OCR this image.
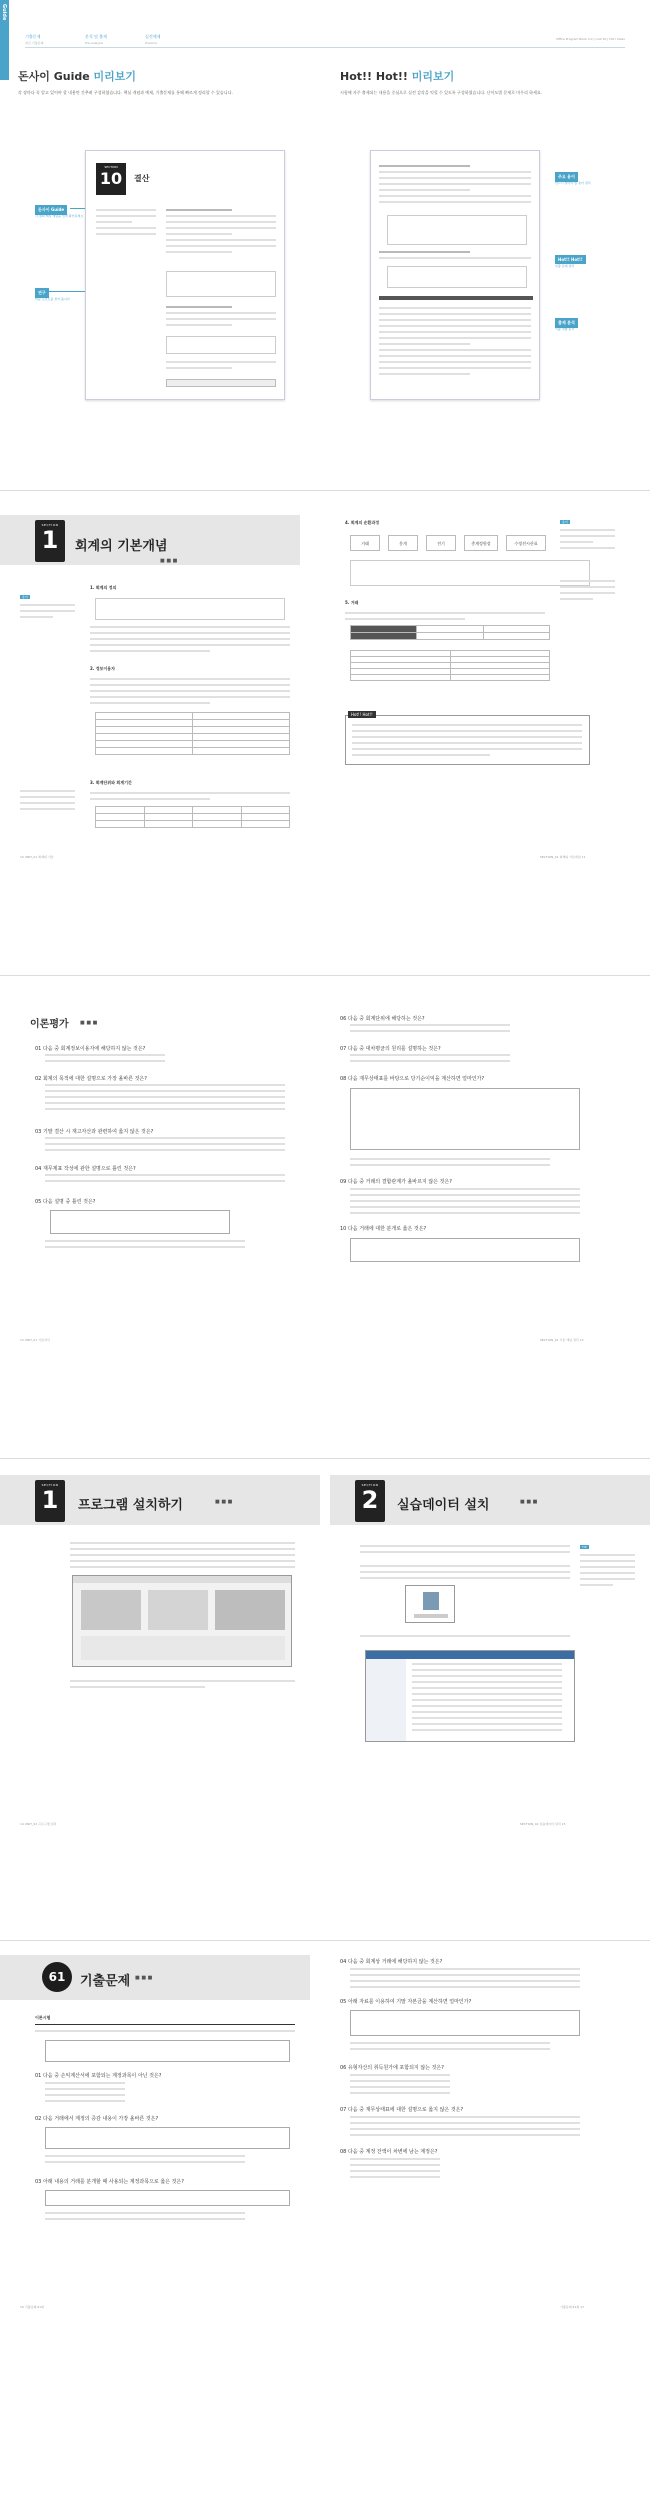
Guide
기출문제
최신 기출문제
분석 및 출제
Pre-analysis
실전예제
Practice
Office Program Book 2.0 | Unit 10 | Hot! Index
돈사이 Guide 미리보기
각 장마다 꼭 알고 있어야 할 내용만 간추려 구성하였습니다. 핵심 개념과 예제, 기출문제를 통해 빠르게 정리할 수 있습니다.
Hot!! Hot!! 미리보기
시험에 자주 출제되는 내용을 중심으로 실전 감각을 익힐 수 있도록 구성하였습니다. 난이도별 문제로 마무리 하세요.
SECTION
10	결산
돈사이 Guide
각 절의 핵심 개념을 먼저 확인하세요
연구
학습 포인트를 짚어 줍니다
주요 용어
반드시 알아야 할 용어 정리
Hot!! Hot!!
빈출 문제 정리
출제 분석
기출 경향 분석
SECTION
1	회계의 기본개념
■ ■ ■
1. 회계의 정의
2. 정보이용자

3. 회계단위와 회계기간

용어
4. 회계의 순환과정
거래	분개	전기	총계정원장	수정전시산표
5. 거래

용어
Hot!! Hot!!
10 UNIT_01 회계의 기본	SECTION_01 회계의 기본개념 11
이론평가 ■ ■ ■
01 다음 중 회계정보이용자에 해당하지 않는 것은?
02 회계의 목적에 대한 설명으로 가장 올바른 것은?
03 기말 결산 시 재고자산과 관련하여 옳지 않은 것은?
04 재무제표 작성에 관한 설명으로 틀린 것은?
05 다음 설명 중 틀린 것은?
06 다음 중 회계단위에 해당하는 것은?
07 다음 중 대차평균의 원리를 설명하는 것은?
08 다음 재무상태표를 바탕으로 당기순이익을 계산하면 얼마인가?
09 다음 중 거래의 결합관계가 올바르지 않은 것은?
10 다음 거래에 대한 분개로 옳은 것은?
12 UNIT_01 기본지식	SECTION_01 기본 개념 정리 13
SECTION
1	프로그램 설치하기	■ ■ ■
SECTION
2	실습데이터 설치	■ ■ ■
TIP
14 UNIT_02 프로그램 설치	SECTION_02 실습데이터 설치 15
61	기출문제 ■ ■ ■
이론시험
01 다음 중 손익계산서에 포함되는 계정과목이 아닌 것은?
02 다음 거래에서 계정의 증감 내용이 가장 올바른 것은?
03 아래 내용의 거래를 분개할 때 사용되는 계정과목으로 옳은 것은?
04 다음 중 회계상 거래에 해당하지 않는 것은?
05 아래 자료를 이용하여 기말 자본금을 계산하면 얼마인가?
06 유형자산의 취득원가에 포함되지 않는 것은?
07 다음 중 재무상태표에 대한 설명으로 옳지 않은 것은?
08 다음 중 계정 잔액이 차변에 남는 계정은?
16 기출문제 61회	기출문제 61회 17
